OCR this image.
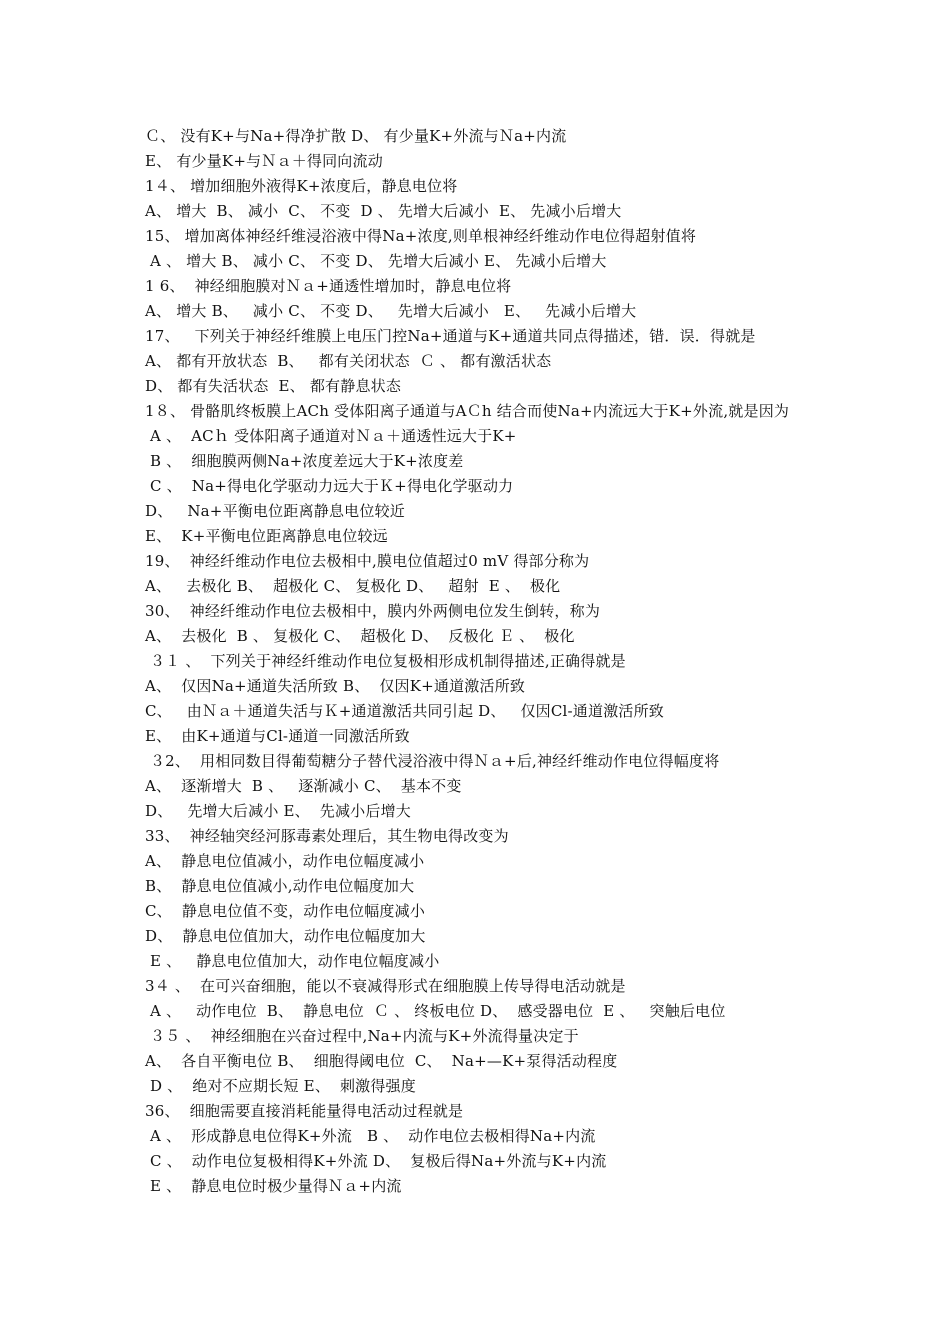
Ｃ、 没有K+与Na+得净扩散 D、 有少量K+外流与Ｎa+内流
E、 有少量K+与Ｎａ＋得同向流动
1４、 增加细胞外液得K+浓度后，静息电位将
A、 增大  B、 减小  C、 不变  D 、 先增大后减小  E、 先减小后增大
15、 增加离体神经纤维浸浴液中得Na+浓度,则单根神经纤维动作电位得超射值将
A 、 增大 B、 减小 C、 不变 D、 先增大后减小 E、 先减小后增大
1 6、  神经细胞膜对Ｎａ+通透性增加时，静息电位将
A、 增大 B、   减小 C、 不变 D、   先增大后减小   E、   先减小后增大
17、   下列关于神经纤维膜上电压门控Na+通道与K+通道共同点得描述，错．误．得就是
A、 都有开放状态  B、   都有关闭状态  Ｃ 、 都有激活状态
D、 都有失活状态  E、 都有静息状态
1８、 骨骼肌终板膜上ACh 受体阳离子通道与AＣh 结合而使Na+内流远大于K+外流,就是因为
A 、  ACｈ 受体阳离子通道对Ｎａ＋通透性远大于K+
B 、  细胞膜两侧Na+浓度差远大于K+浓度差
C 、  Na+得电化学驱动力远大于Ｋ+得电化学驱动力
D、   Na+平衡电位距离静息电位较近
E、  K+平衡电位距离静息电位较远
19、  神经纤维动作电位去极相中,膜电位值超过0 mV 得部分称为
A、   去极化 B、  超极化 C、 复极化 D、   超射  E 、  极化
30、  神经纤维动作电位去极相中，膜内外两侧电位发生倒转，称为
A、  去极化  B 、 复极化 C、  超极化 D、  反极化 Ｅ 、  极化
３１ 、  下列关于神经纤维动作电位复极相形成机制得描述,正确得就是
A、  仅因Na+通道失活所致 B、  仅因K+通道激活所致
C、   由Ｎａ＋通道失活与Ｋ+通道激活共同引起 D、   仅因Cl-通道激活所致
E、  由K+通道与Cl-通道一同激活所致
３2、  用相同数目得葡萄糖分子替代浸浴液中得Ｎａ+后,神经纤维动作电位得幅度将
A、  逐渐增大  B 、   逐渐减小 C、  基本不变
D、   先增大后减小 E、  先减小后增大
33、  神经轴突经河豚毒素处理后，其生物电得改变为
A、  静息电位值减小，动作电位幅度减小
B、  静息电位值减小,动作电位幅度加大
C、  静息电位值不变，动作电位幅度减小
D、  静息电位值加大，动作电位幅度加大
E 、   静息电位值加大，动作电位幅度减小
3４ 、  在可兴奋细胞，能以不衰减得形式在细胞膜上传导得电活动就是
A 、   动作电位  B、  静息电位  Ｃ 、 终板电位 D、  感受器电位  E 、   突触后电位
３５ 、  神经细胞在兴奋过程中,Na+内流与K+外流得量决定于
A、  各自平衡电位 B、  细胞得阈电位  C、  Na+—K+泵得活动程度
D 、  绝对不应期长短 E、  刺激得强度
36、  细胞需要直接消耗能量得电活动过程就是
A 、  形成静息电位得K+外流   B 、  动作电位去极相得Na+内流
C 、  动作电位复极相得K+外流 D、  复极后得Na+外流与K+内流
E 、  静息电位时极少量得Ｎａ+内流
